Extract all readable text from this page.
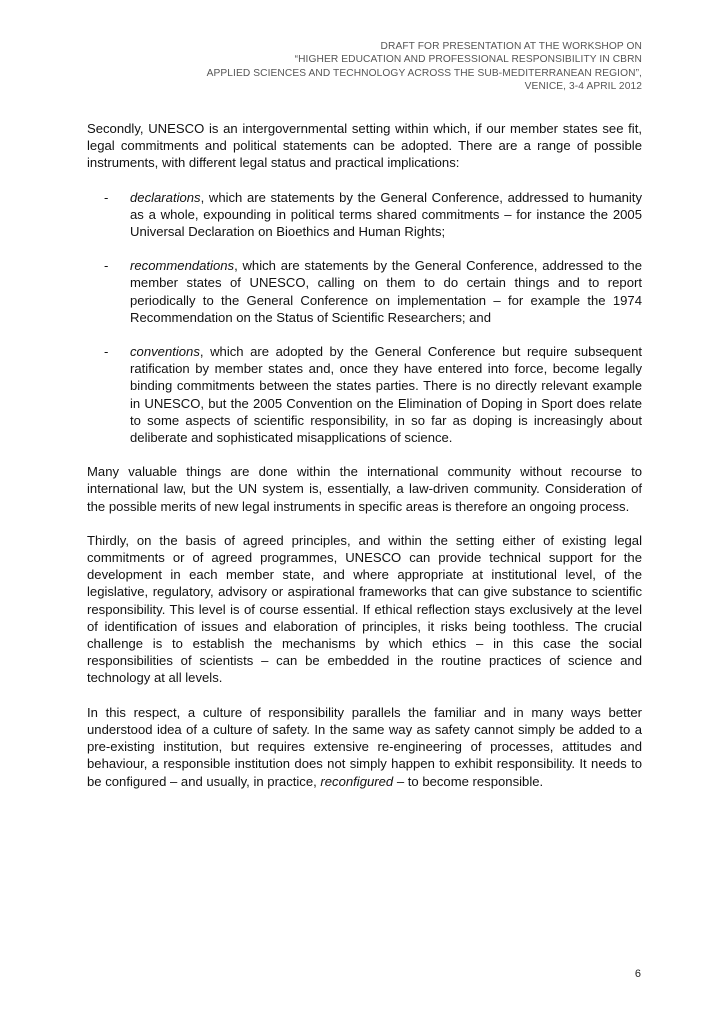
DRAFT FOR PRESENTATION AT THE WORKSHOP ON
“HIGHER EDUCATION AND PROFESSIONAL RESPONSIBILITY IN CBRN
APPLIED SCIENCES AND TECHNOLOGY ACROSS THE SUB-MEDITERRANEAN REGION”,
VENICE, 3-4 APRIL 2012

Secondly, UNESCO is an intergovernmental setting within which, if our member states see fit, legal commitments and political statements can be adopted. There are a range of possible instruments, with different legal status and practical implications:

- declarations, which are statements by the General Conference, addressed to humanity as a whole, expounding in political terms shared commitments – for instance the 2005 Universal Declaration on Bioethics and Human Rights;
- recommendations, which are statements by the General Conference, addressed to the member states of UNESCO, calling on them to do certain things and to report periodically to the General Conference on implementation – for example the 1974 Recommendation on the Status of Scientific Researchers; and
- conventions, which are adopted by the General Conference but require subsequent ratification by member states and, once they have entered into force, become legally binding commitments between the states parties. There is no directly relevant example in UNESCO, but the 2005 Convention on the Elimination of Doping in Sport does relate to some aspects of scientific responsibility, in so far as doping is increasingly about deliberate and sophisticated misapplications of science.

Many valuable things are done within the international community without recourse to international law, but the UN system is, essentially, a law-driven community. Consideration of the possible merits of new legal instruments in specific areas is therefore an ongoing process.

Thirdly, on the basis of agreed principles, and within the setting either of existing legal commitments or of agreed programmes, UNESCO can provide technical support for the development in each member state, and where appropriate at institutional level, of the legislative, regulatory, advisory or aspirational frameworks that can give substance to scientific responsibility. This level is of course essential. If ethical reflection stays exclusively at the level of identification of issues and elaboration of principles, it risks being toothless. The crucial challenge is to establish the mechanisms by which ethics – in this case the social responsibilities of scientists – can be embedded in the routine practices of science and technology at all levels.

In this respect, a culture of responsibility parallels the familiar and in many ways better understood idea of a culture of safety. In the same way as safety cannot simply be added to a pre-existing institution, but requires extensive re-engineering of processes, attitudes and behaviour, a responsible institution does not simply happen to exhibit responsibility. It needs to be configured – and usually, in practice, reconfigured – to become responsible.

6
